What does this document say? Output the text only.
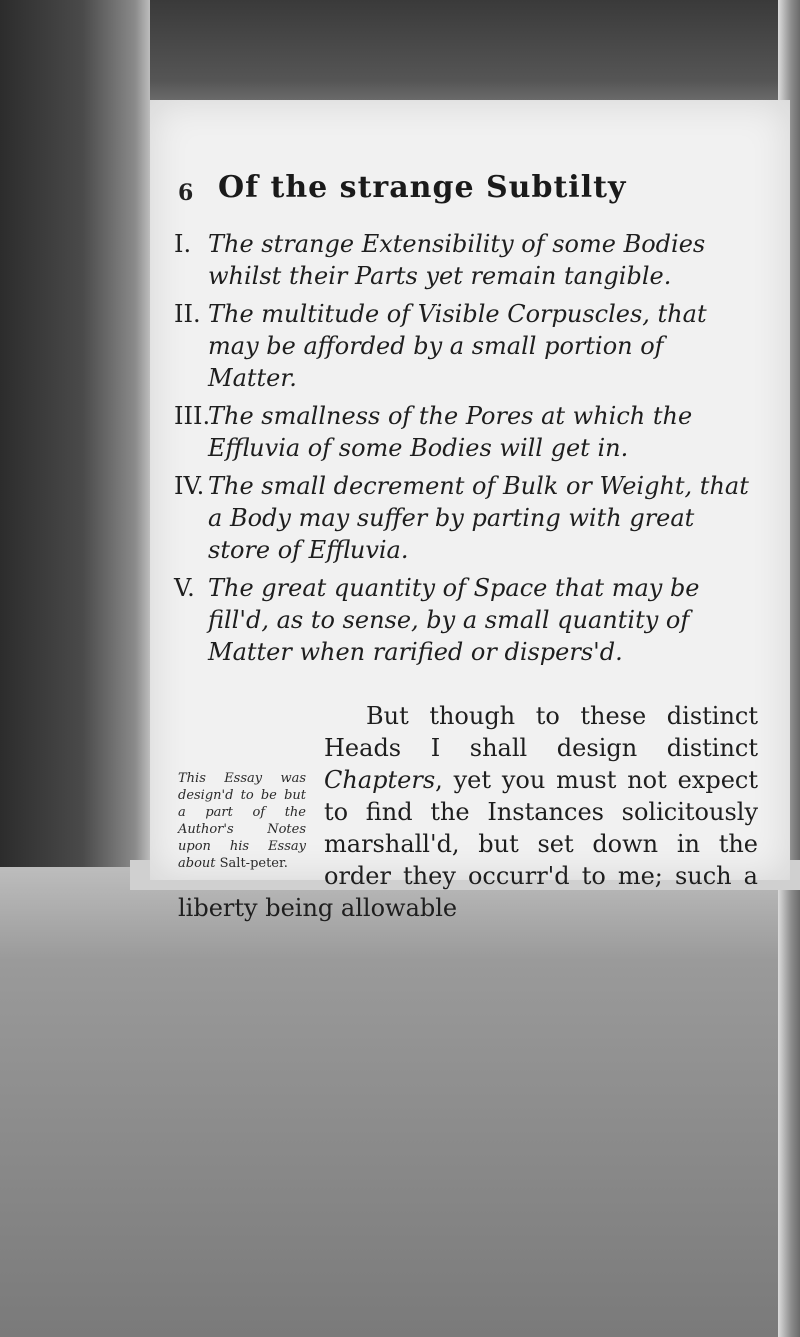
6 Of the strange Subtilty
I. The strange Extensibility of some Bodies whilst their Parts yet remain tangible.
II. The multitude of Visible Corpuscles, that may be afforded by a small portion of Matter.
III.
The smallness of the Pores at which the Effluvia of some Bodies will get in.
IV. The small decrement of Bulk or Weight, that a Body may suffer by parting with great store of Effluvia.
V. The great quantity of Space that may be fill'd, as to sense, by a small quantity of Matter when rarified or dispers'd.
This Essay was design'd to be but a part of the Author's Notes upon his Essay about Salt-peter.

But though to these distinct Heads I shall design distinct Chapters, yet you must not expect to find the Instances solicitously marshall'd, but set down in the order they occurr'd to me; such a liberty being allowable
